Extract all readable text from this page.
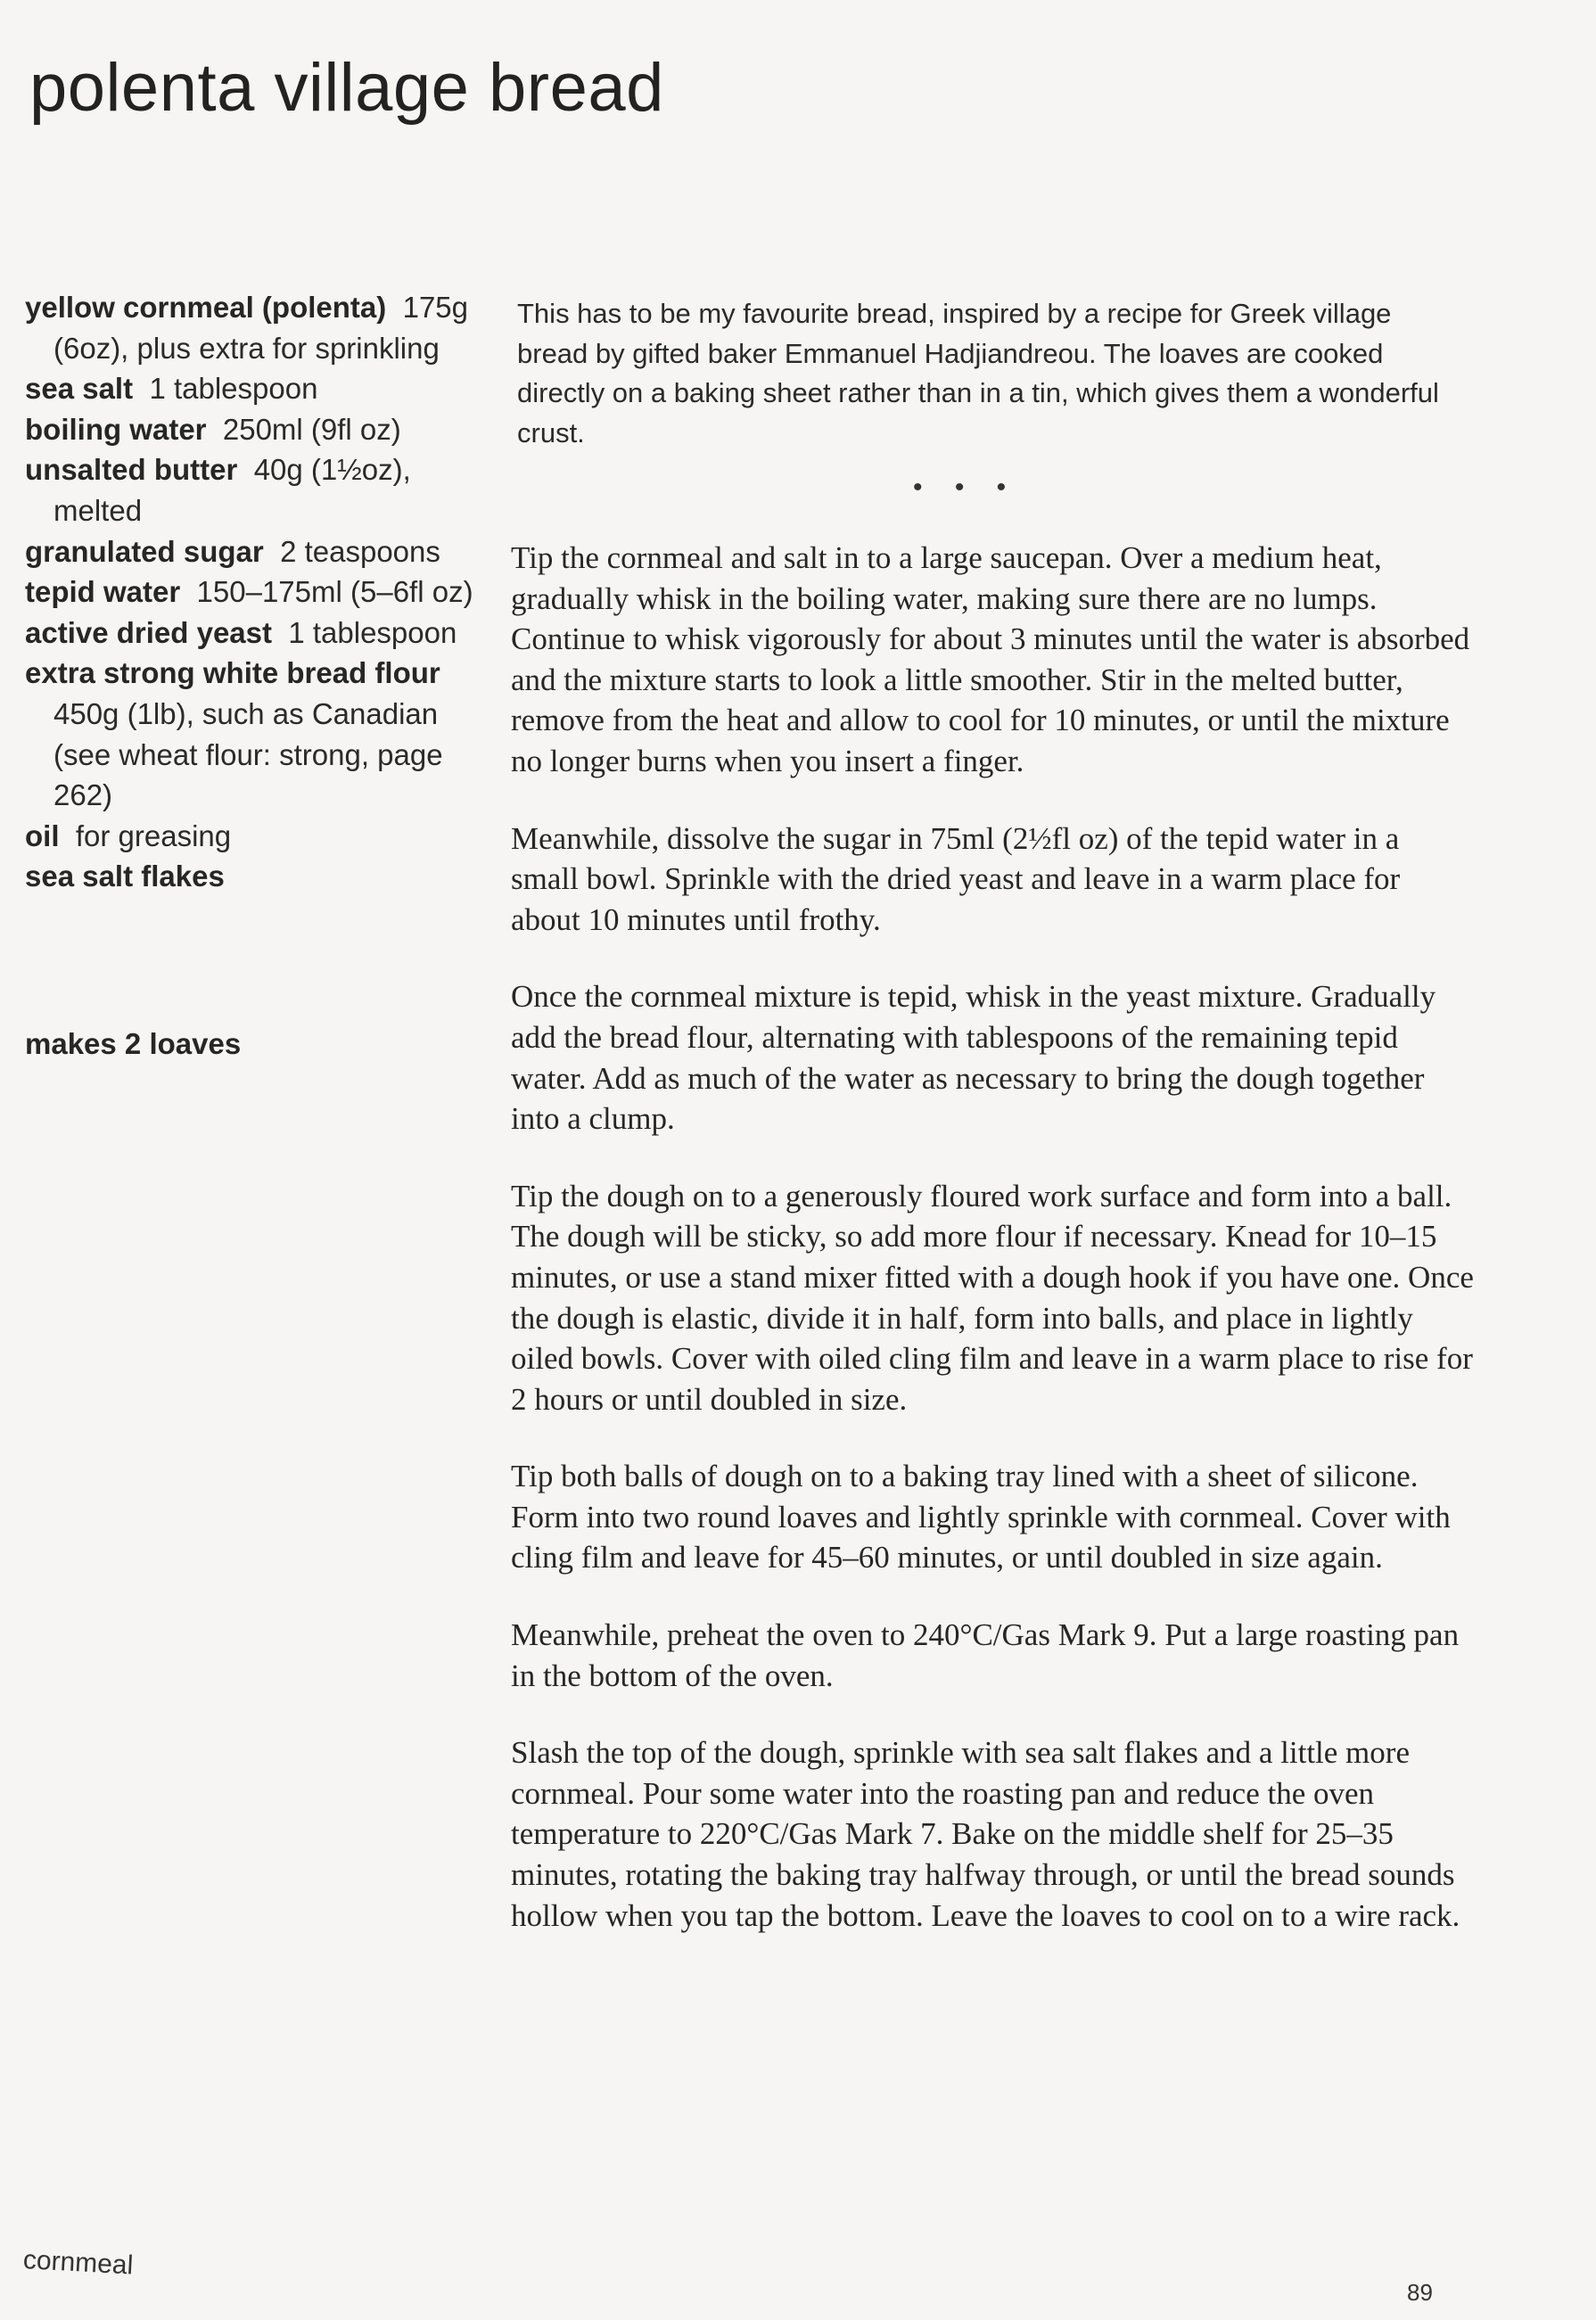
polenta village bread
yellow cornmeal (polenta) 175g (6oz), plus extra for sprinkling
sea salt 1 tablespoon
boiling water 250ml (9fl oz)
unsalted butter 40g (1½oz), melted
granulated sugar 2 teaspoons
tepid water 150–175ml (5–6fl oz)
active dried yeast 1 tablespoon
extra strong white bread flour  450g (1lb), such as Canadian (see wheat flour: strong, page 262)
oil for greasing
sea salt flakes
makes 2 loaves
This has to be my favourite bread, inspired by a recipe for Greek village bread by gifted baker Emmanuel Hadjiandreou. The loaves are cooked directly on a baking sheet rather than in a tin, which gives them a wonderful crust.
• • •

Tip the cornmeal and salt in to a large saucepan. Over a medium heat, gradually whisk in the boiling water, making sure there are no lumps. Continue to whisk vigorously for about 3 minutes until the water is absorbed and the mixture starts to look a little smoother. Stir in the melted butter, remove from the heat and allow to cool for 10 minutes, or until the mixture no longer burns when you insert a finger.

Meanwhile, dissolve the sugar in 75ml (2½fl oz) of the tepid water in a small bowl. Sprinkle with the dried yeast and leave in a warm place for about 10 minutes until frothy.

Once the cornmeal mixture is tepid, whisk in the yeast mixture. Gradually add the bread flour, alternating with tablespoons of the remaining tepid water. Add as much of the water as necessary to bring the dough together into a clump.

Tip the dough on to a generously floured work surface and form into a ball. The dough will be sticky, so add more flour if necessary. Knead for 10–15 minutes, or use a stand mixer fitted with a dough hook if you have one. Once the dough is elastic, divide it in half, form into balls, and place in lightly oiled bowls. Cover with oiled cling film and leave in a warm place to rise for 2 hours or until doubled in size.

Tip both balls of dough on to a baking tray lined with a sheet of silicone. Form into two round loaves and lightly sprinkle with cornmeal. Cover with cling film and leave for 45–60 minutes, or until doubled in size again.

Meanwhile, preheat the oven to 240°C/Gas Mark 9. Put a large roasting pan in the bottom of the oven.

Slash the top of the dough, sprinkle with sea salt flakes and a little more cornmeal. Pour some water into the roasting pan and reduce the oven temperature to 220°C/Gas Mark 7. Bake on the middle shelf for 25–35 minutes, rotating the baking tray halfway through, or until the bread sounds hollow when you tap the bottom. Leave the loaves to cool on to a wire rack.

cornmeal
89
